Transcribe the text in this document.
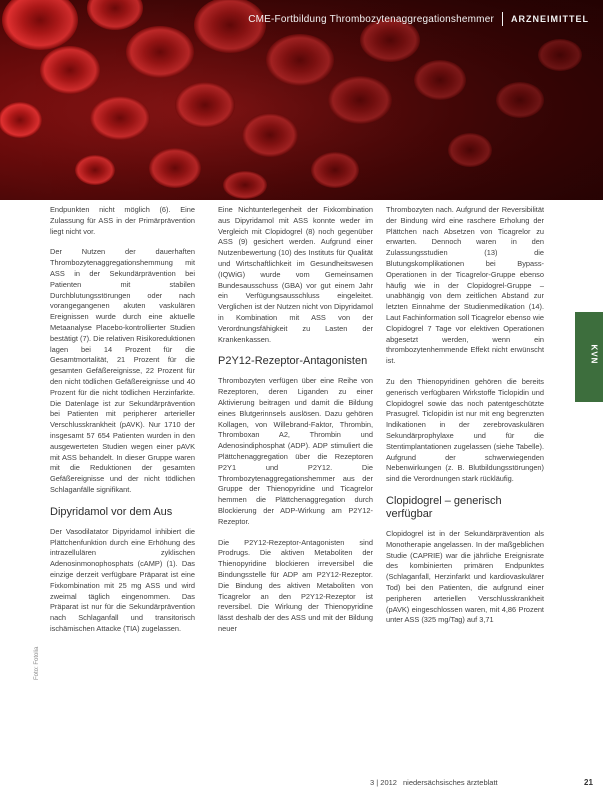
CME-Fortbildung Thrombozytenaggregationshemmer ARZNEIMITTEL

Endpunkten nicht möglich (6). Eine Zulassung für ASS in der Primärprävention liegt nicht vor.

Der Nutzen der dauerhaften Thrombozytenaggregationshemmung mit ASS in der Sekundärprävention bei Patienten mit stabilen Durchblutungsstörungen oder nach vorangegangenen akuten vaskulären Ereignissen wurde durch eine aktuelle Metaanalyse Placebo-kontrollierter Studien bestätigt (7). Die relativen Risikoreduktionen lagen bei 14 Prozent für die Gesamtmortalität, 21 Prozent für die gesamten Gefäßereignisse, 22 Prozent für den nicht tödlichen Gefäßereignisse und 40 Prozent für die nicht tödlichen Herzinfarkte. Die Datenlage ist zur Sekundärprävention bei Patienten mit peripherer arterieller Verschlusskrankheit (pAVK). Nur 1710 der insgesamt 57 654 Patienten wurden in den ausgewerteten Studien wegen einer pAVK mit ASS behandelt. In dieser Gruppe waren mit die Reduktionen der gesamten Gefäßereignisse und der nicht tödlichen Schlaganfälle signifikant.

Dipyridamol vor dem Aus

Der Vasodilatator Dipyridamol inhibiert die Plättchenfunktion durch eine Erhöhung des intrazellulären zyklischen Adenosinmonophosphats (cAMP) (1). Das einzige derzeit verfügbare Präparat ist eine Fixkombination mit 25 mg ASS und wird zweimal täglich eingenommen. Das Präparat ist nur für die Sekundärprävention nach Schlaganfall und transitorisch ischämischen Attacke (TIA) zugelassen.

Eine Nichtunterlegenheit der Fixkombination aus Dipyridamol mit ASS konnte weder im Vergleich mit Clopidogrel (8) noch gegenüber ASS (9) gesichert werden. Aufgrund einer Nutzenbewertung (10) des Instituts für Qualität und Wirtschaftlichkeit im Gesundheitswesen (IQWiG) wurde vom Gemeinsamen Bundesausschuss (GBA) vor gut einem Jahr ein Verfügungsausschluss eingeleitet. Verglichen ist der Nutzen nicht von Dipyridamol in Kombination mit ASS von der Verordnungsfähigkeit zu Lasten der Krankenkassen.

P2Y12-Rezeptor-Antagonisten

Thrombozyten verfügen über eine Reihe von Rezeptoren, deren Liganden zu einer Aktivierung beitragen und damit die Bildung eines Blutgerinnsels auslösen. Dazu gehören Kollagen, von Willebrand-Faktor, Thrombin, Thromboxan A2, Thrombin und Adenosindiphosphat (ADP). ADP stimuliert die Plättchenaggregation über die Rezeptoren P2Y1 und P2Y12. Die Thrombozytenaggregationshemmer aus der Gruppe der Thienopyridine und Ticagrelor hemmen die Plättchenaggregation durch Blockierung der ADP-Wirkung am P2Y12-Rezeptor.

Die P2Y12-Rezeptor-Antagonisten sind Prodrugs. Die aktiven Metaboliten der Thienopyridine blockieren irreversibel die Bindungsstelle für ADP am P2Y12-Rezeptor. Die Bindung des aktiven Metaboliten von Ticagrelor an den P2Y12-Rezeptor ist reversibel. Die Wirkung der Thienopyridine lässt deshalb der des ASS und mit der Bildung neuer

Thrombozyten nach. Aufgrund der Reversibilität der Bindung wird eine raschere Erholung der Plättchen nach Absetzen von Ticagrelor zu erwarten. Dennoch waren in den Zulassungsstudien (13) die Blutungskomplikationen bei Bypass-Operationen in der Ticagrelor-Gruppe ebenso häufig wie in der Clopidogrel-Gruppe – unabhängig von dem zeitlichen Abstand zur letzten Einnahme der Studienmedikation (14). Laut Fachinformation soll Ticagrelor ebenso wie Clopidogrel 7 Tage vor elektiven Operationen abgesetzt werden, wenn ein thrombozytenhemmende Effekt nicht erwünscht ist.

Zu den Thienopyridinen gehören die bereits generisch verfügbaren Wirkstoffe Ticlopidin und Clopidogrel sowie das noch patentgeschützte Prasugrel. Ticlopidin ist nur mit eng begrenzten Indikationen in der zerebrovaskulären Sekundärprophylaxe und für die Stentimplantationen zugelassen (siehe Tabelle). Aufgrund der schwerwiegenden Nebenwirkungen (z. B. Blutbildungsstörungen) sind die Verordnungen stark rückläufig.

Clopidogrel – generisch verfügbar

Clopidogrel ist in der Sekundärprävention als Monotherapie angelassen. In der maßgeblichen Studie (CAPRIE) war die jährliche Ereignisrate des kombinierten primären Endpunktes (Schlaganfall, Herzinfarkt und kardiovaskulärer Tod) bei den Patienten, die aufgrund einer peripheren arteriellen Verschlusskrankheit (pAVK) eingeschlossen waren, mit 4,86 Prozent unter ASS (325 mg/Tag) auf 3,71

KVN
Foto: Fotolia
3 | 2012 niedersächsisches ärzteblatt	21
